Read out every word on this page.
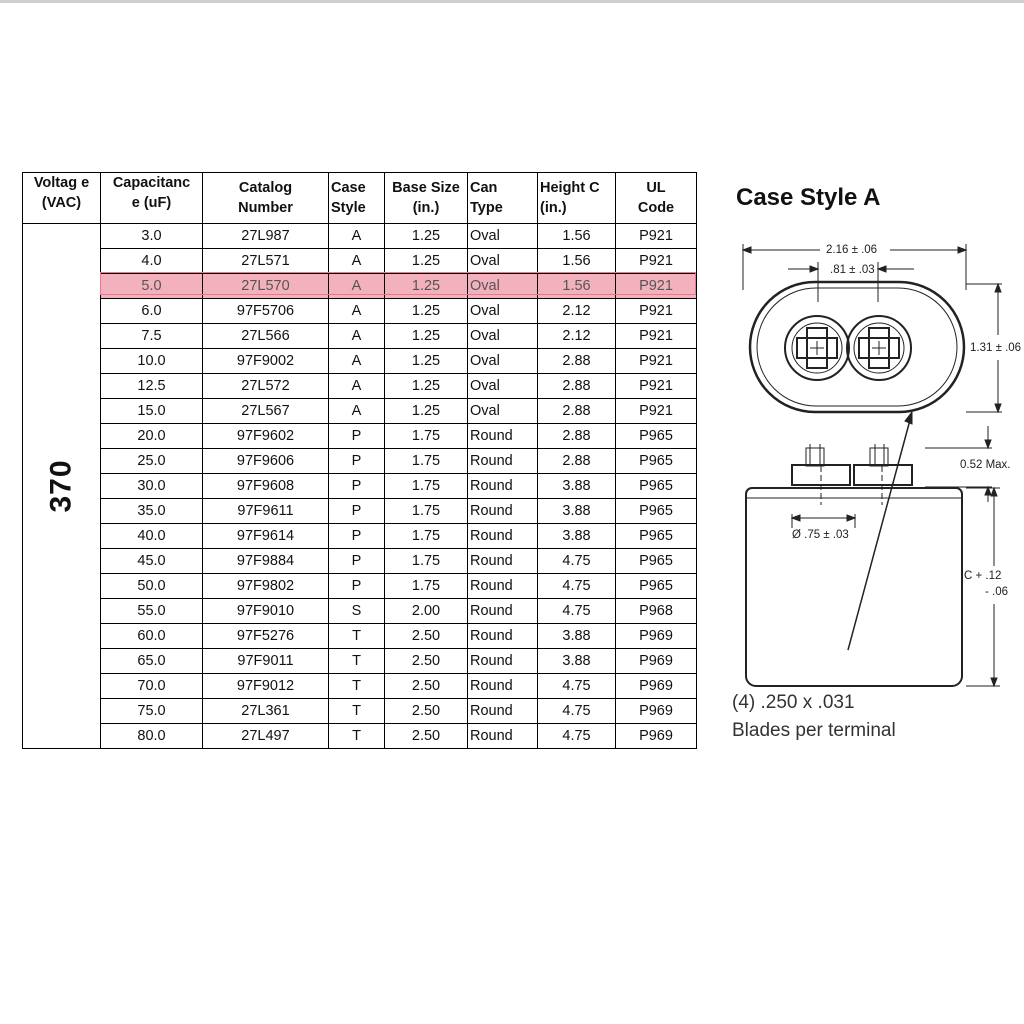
Voltag e (VAC)	Capacitanc e (uF)	Catalog Number	Case Style	Base Size (in.)	Can Type	Height C (in.)	UL Code

370	3.0	27L987	A	1.25	Oval	1.56	P921
	4.0	27L571	A	1.25	Oval	1.56	P921
	5.0	27L570	A	1.25	Oval	1.56	P921
	6.0	97F5706	A	1.25	Oval	2.12	P921
	7.5	27L566	A	1.25	Oval	2.12	P921
	10.0	97F9002	A	1.25	Oval	2.88	P921
	12.5	27L572	A	1.25	Oval	2.88	P921
	15.0	27L567	A	1.25	Oval	2.88	P921
	20.0	97F9602	P	1.75	Round	2.88	P965
	25.0	97F9606	P	1.75	Round	2.88	P965
	30.0	97F9608	P	1.75	Round	3.88	P965
	35.0	97F9611	P	1.75	Round	3.88	P965
	40.0	97F9614	P	1.75	Round	3.88	P965
	45.0	97F9884	P	1.75	Round	4.75	P965
	50.0	97F9802	P	1.75	Round	4.75	P965
	55.0	97F9010	S	2.00	Round	4.75	P968
	60.0	97F5276	T	2.50	Round	3.88	P969
	65.0	97F9011	T	2.50	Round	3.88	P969
	70.0	97F9012	T	2.50	Round	4.75	P969
	75.0	27L361	T	2.50	Round	4.75	P969
	80.0	27L497	T	2.50	Round	4.75	P969
Case Style A
2.16 ± .06
.81 ± .03
1.31 ± .06
0.52 Max.
Ø .75 ± .03
C + .12
- .06
(4) .250 x .031
Blades per terminal
